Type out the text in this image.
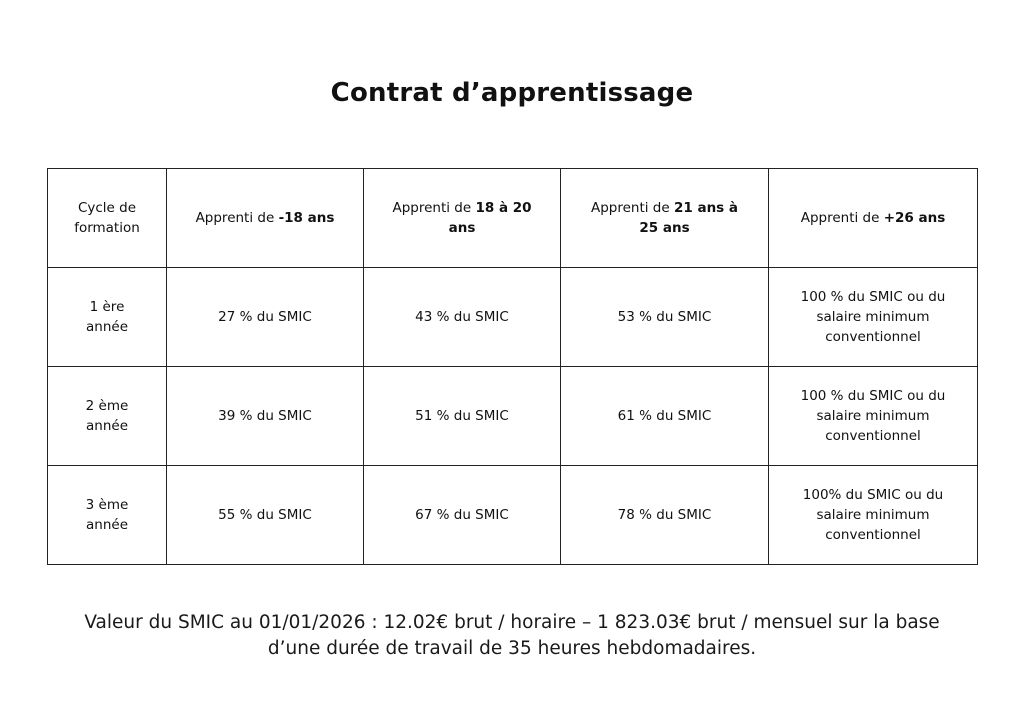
Contrat d’apprentissage
Cycle de formation	Apprenti de -18 ans	Apprenti de 18 à 20 ans	Apprenti de 21 ans à 25 ans	Apprenti de +26 ans
1 ère année	27 % du SMIC	43 % du SMIC	53 % du SMIC	100 % du SMIC ou du salaire minimum conventionnel
2 ème année	39 % du SMIC	51 % du SMIC	61 % du SMIC	100 % du SMIC ou du salaire minimum conventionnel
3 ème année	55 % du SMIC	67 % du SMIC	78 % du SMIC	100% du SMIC ou du salaire minimum conventionnel
Valeur du SMIC au 01/01/2026 : 12.02€ brut / horaire – 1 823.03€ brut / mensuel sur la base d’une durée de travail de 35 heures hebdomadaires.
